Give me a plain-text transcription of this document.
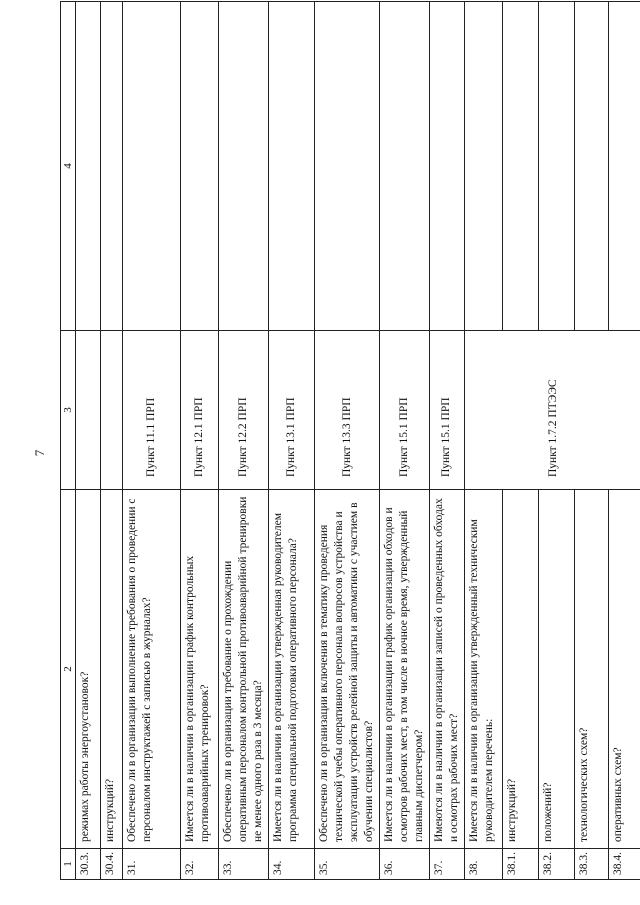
7
1	2	3	4
30.3.	режимах работы энергоустановок?		
30.4.	инструкций?		
31.	Обеспечено ли в организации выполнение требования о проведении с персоналом инструктажей с записью в журналах?	Пункт 11.1 ПРП	
32.	Имеется ли в наличии в организации график контрольных противоаварийных тренировок?	Пункт 12.1 ПРП	
33.	Обеспечено ли в организации требование о прохождении оперативным персоналом контрольной противоаварийной тренировки не менее одного раза в 3 месяца?	Пункт 12.2 ПРП	
34.	Имеется ли в наличии в организации утвержденная руководителем программа специальной подготовки оперативного персонала?	Пункт 13.1 ПРП	
35.	Обеспечено ли в организации включения в тематику проведения технической учебы оперативного персонала вопросов устройства и эксплуатации устройств релейной защиты и автоматики с участием в обучении специалистов?	Пункт 13.3 ПРП	
36.	Имеется ли в наличии в организации график организации обходов и осмотров рабочих мест, в том числе в ночное время, утвержденный главным диспетчером?	Пункт 15.1 ПРП	
37.	Имеются ли в наличии в организации записей о проведенных обходах и осмотрах рабочих мест?	Пункт 15.1 ПРП	
38.	Имеется ли в наличии в организации утвержденный техническим руководителем перечень:	Пункт 1.7.2 ПТЭЭС	
38.1.	инструкций?		
38.2.	положений?		
38.3.	технологических схем?		
38.4.	оперативных схем?		
